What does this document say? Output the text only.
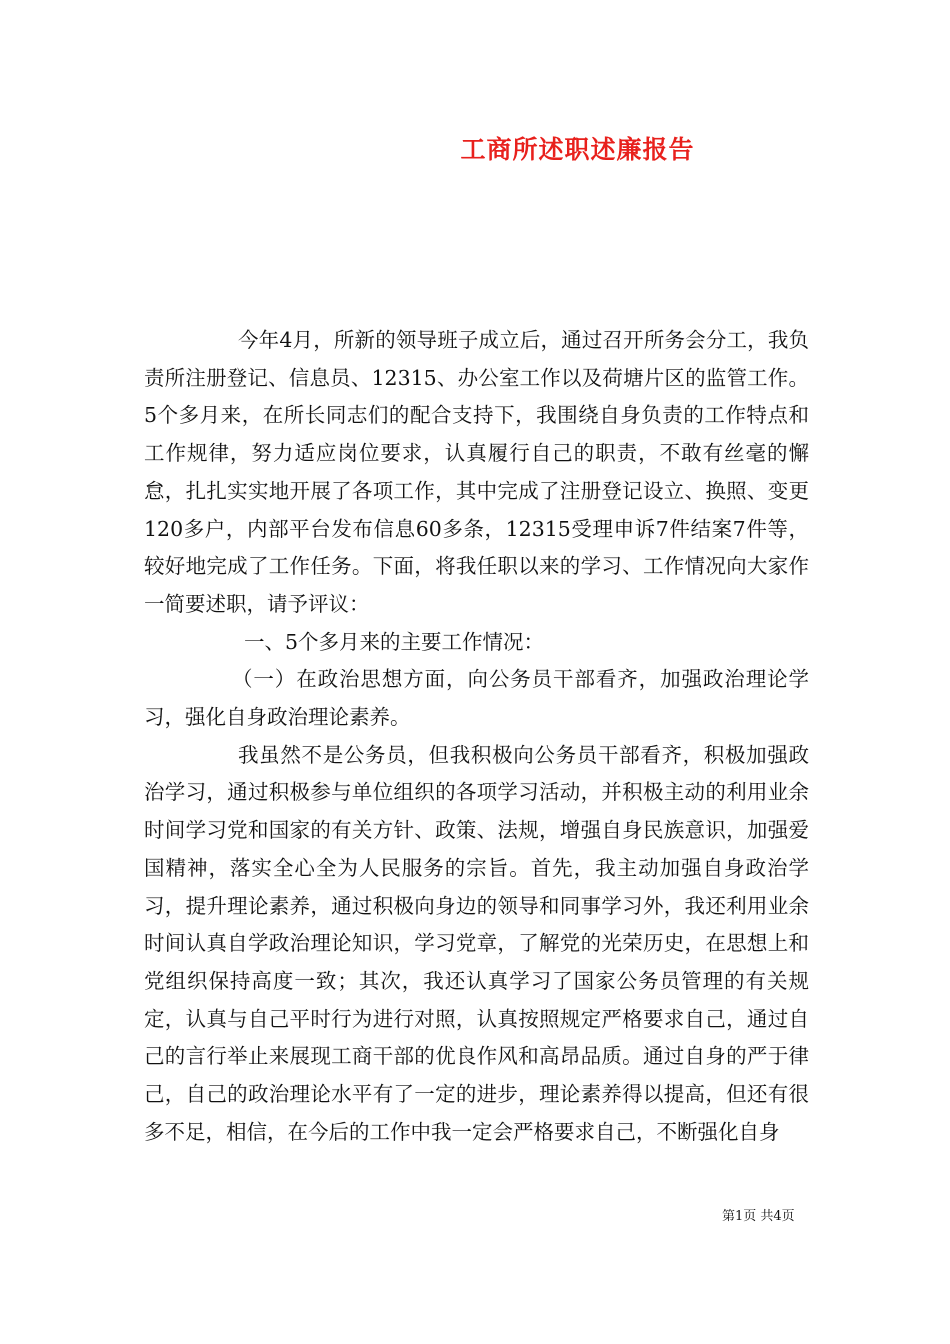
工商所述职述廉报告

今年4月，所新的领导班子成立后，通过召开所务会分工，我负责所注册登记、信息员、12315、办公室工作以及荷塘片区的监管工作。5个多月来，在所长同志们的配合支持下，我围绕自身负责的工作特点和工作规律，努力适应岗位要求，认真履行自己的职责，不敢有丝毫的懈怠，扎扎实实地开展了各项工作，其中完成了注册登记设立、换照、变更120多户，内部平台发布信息60多条，12315受理申诉7件结案7件等，较好地完成了工作任务。下面，将我任职以来的学习、工作情况向大家作一简要述职，请予评议：

一、5个多月来的主要工作情况：

（一）在政治思想方面，向公务员干部看齐，加强政治理论学习，强化自身政治理论素养。

我虽然不是公务员，但我积极向公务员干部看齐，积极加强政治学习，通过积极参与单位组织的各项学习活动，并积极主动的利用业余时间学习党和国家的有关方针、政策、法规，增强自身民族意识，加强爱国精神，落实全心全为人民服务的宗旨。首先，我主动加强自身政治学习，提升理论素养，通过积极向身边的领导和同事学习外，我还利用业余时间认真自学政治理论知识，学习党章，了解党的光荣历史，在思想上和党组织保持高度一致；其次，我还认真学习了国家公务员管理的有关规定，认真与自己平时行为进行对照，认真按照规定严格要求自己，通过自己的言行举止来展现工商干部的优良作风和高昂品质。通过自身的严于律己，自己的政治理论水平有了一定的进步，理论素养得以提高，但还有很多不足，相信，在今后的工作中我一定会严格要求自己，不断强化自身

第1页 共4页
